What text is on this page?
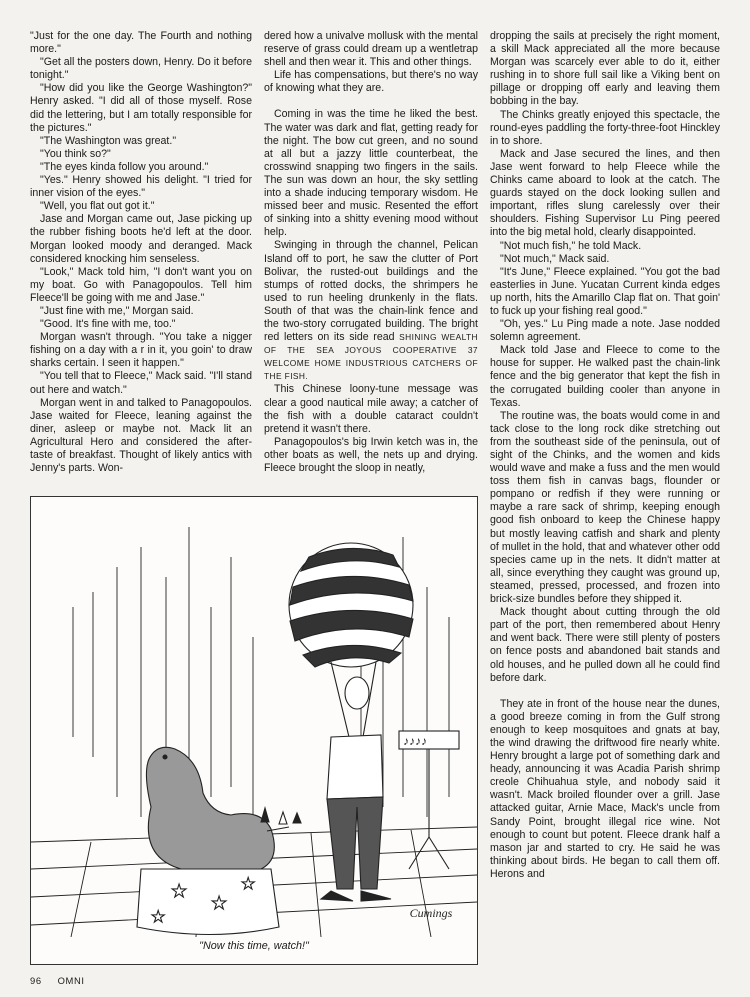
"Just for the one day. The Fourth and nothing more."

"Get all the posters down, Henry. Do it before tonight."

"How did you like the George Washington?" Henry asked. "I did all of those myself. Rose did the lettering, but I am totally responsible for the pictures."

"The Washington was great."

"You think so?"

"The eyes kinda follow you around."

"Yes." Henry showed his delight. "I tried for inner vision of the eyes."

"Well, you flat out got it."

Jase and Morgan came out, Jase picking up the rubber fishing boots he'd left at the door. Morgan looked moody and deranged. Mack considered knocking him senseless.

"Look," Mack told him, "I don't want you on my boat. Go with Panagopoulos. Tell him Fleece'll be going with me and Jase."

"Just fine with me," Morgan said.

"Good. It's fine with me, too."

Morgan wasn't through. "You take a nigger fishing on a day with a r in it, you goin' to draw sharks certain. I seen it happen."

"You tell that to Fleece," Mack said. "I'll stand out here and watch."

Morgan went in and talked to Panagopoulos. Jase waited for Fleece, leaning against the diner, asleep or maybe not. Mack lit an Agricultural Hero and considered the after-taste of breakfast. Thought of likely antics with Jenny's parts. Won-

dered how a univalve mollusk with the mental reserve of grass could dream up a wentletrap shell and then wear it. This and other things.

Life has compensations, but there's no way of knowing what they are.

Coming in was the time he liked the best. The water was dark and flat, getting ready for the night. The bow cut green, and no sound at all but a jazzy little counterbeat, the crosswind snapping two fingers in the sails. The sun was down an hour, the sky settling into a shade inducing temporary wisdom. He missed beer and music. Resented the effort of sinking into a shitty evening mood without help.

Swinging in through the channel, Pelican Island off to port, he saw the clutter of Port Bolivar, the rusted-out buildings and the stumps of rotted docks, the shrimpers he used to run heeling drunkenly in the flats. South of that was the chain-link fence and the two-story corrugated building. The bright red letters on its side read SHINING WEALTH OF THE SEA JOYOUS COOPERATIVE 37 WELCOME HOME INDUSTRIOUS CATCHERS OF THE FISH.

This Chinese loony-tune message was clear a good nautical mile away; a catcher of the fish with a double cataract couldn't pretend it wasn't there.

Panagopoulos's big Irwin ketch was in, the other boats as well, the nets up and drying. Fleece brought the sloop in neatly,

dropping the sails at precisely the right moment, a skill Mack appreciated all the more because Morgan was scarcely ever able to do it, either rushing in to shore full sail like a Viking bent on pillage or dropping off early and leaving them bobbing in the bay.

The Chinks greatly enjoyed this spectacle, the round-eyes paddling the forty-three-foot Hinckley in to shore.

Mack and Jase secured the lines, and then Jase went forward to help Fleece while the Chinks came aboard to look at the catch. The guards stayed on the dock looking sullen and important, rifles slung carelessly over their shoulders. Fishing Supervisor Lu Ping peered into the big metal hold, clearly disappointed.

"Not much fish," he told Mack.

"Not much," Mack said.

"It's June," Fleece explained. "You got the bad easterlies in June. Yucatan Current kinda edges up north, hits the Amarillo Clap flat on. That goin' to fuck up your fishing real good."

"Oh, yes." Lu Ping made a note. Jase nodded solemn agreement.

Mack told Jase and Fleece to come to the house for supper. He walked past the chain-link fence and the big generator that kept the fish in the corrugated building cooler than anyone in Texas.

The routine was, the boats would come in and tack close to the long rock dike stretching out from the southeast side of the peninsula, out of sight of the Chinks, and the women and kids would wave and make a fuss and the men would toss them fish in canvas bags, flounder or pompano or redfish if they were running or maybe a rare sack of shrimp, keeping enough good fish onboard to keep the Chinese happy but mostly leaving catfish and shark and plenty of mullet in the hold, that and whatever other odd species came up in the nets. It didn't matter at all, since everything they caught was ground up, steamed, pressed, processed, and frozen into brick-size bundles before they shipped it.

Mack thought about cutting through the old part of the port, then remembered about Henry and went back. There were still plenty of posters on fence posts and abandoned bait stands and old houses, and he pulled down all he could find before dark.

They ate in front of the house near the dunes, a good breeze coming in from the Gulf strong enough to keep mosquitoes and gnats at bay, the wind drawing the driftwood fire nearly white. Henry brought a large pot of something dark and heady, announcing it was Acadia Parish shrimp creole Chihuahua style, and nobody said it wasn't. Mack broiled flounder over a grill. Jase attacked guitar, Arnie Mace, Mack's uncle from Sandy Point, brought illegal rice wine. Not enough to count but potent. Fleece drank half a mason jar and started to cry. He said he was thinking about birds. He began to call them off. Herons and

★
★
★
★
♪♪♪♪
Cumings
"Now this time, watch!"
96 OMNI
